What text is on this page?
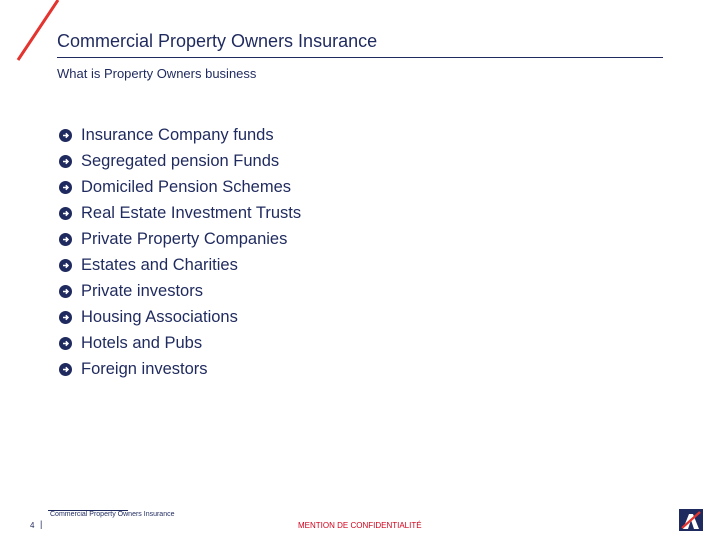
Commercial Property Owners Insurance
What is Property Owners business
Insurance Company funds
Segregated pension Funds
Domiciled Pension Schemes
Real Estate Investment Trusts
Private Property Companies
Estates and Charities
Private investors
Housing Associations
Hotels and Pubs
Foreign investors
Commercial Property Owners Insurance
4 |	MENTION DE CONFIDENTIALITÉ
